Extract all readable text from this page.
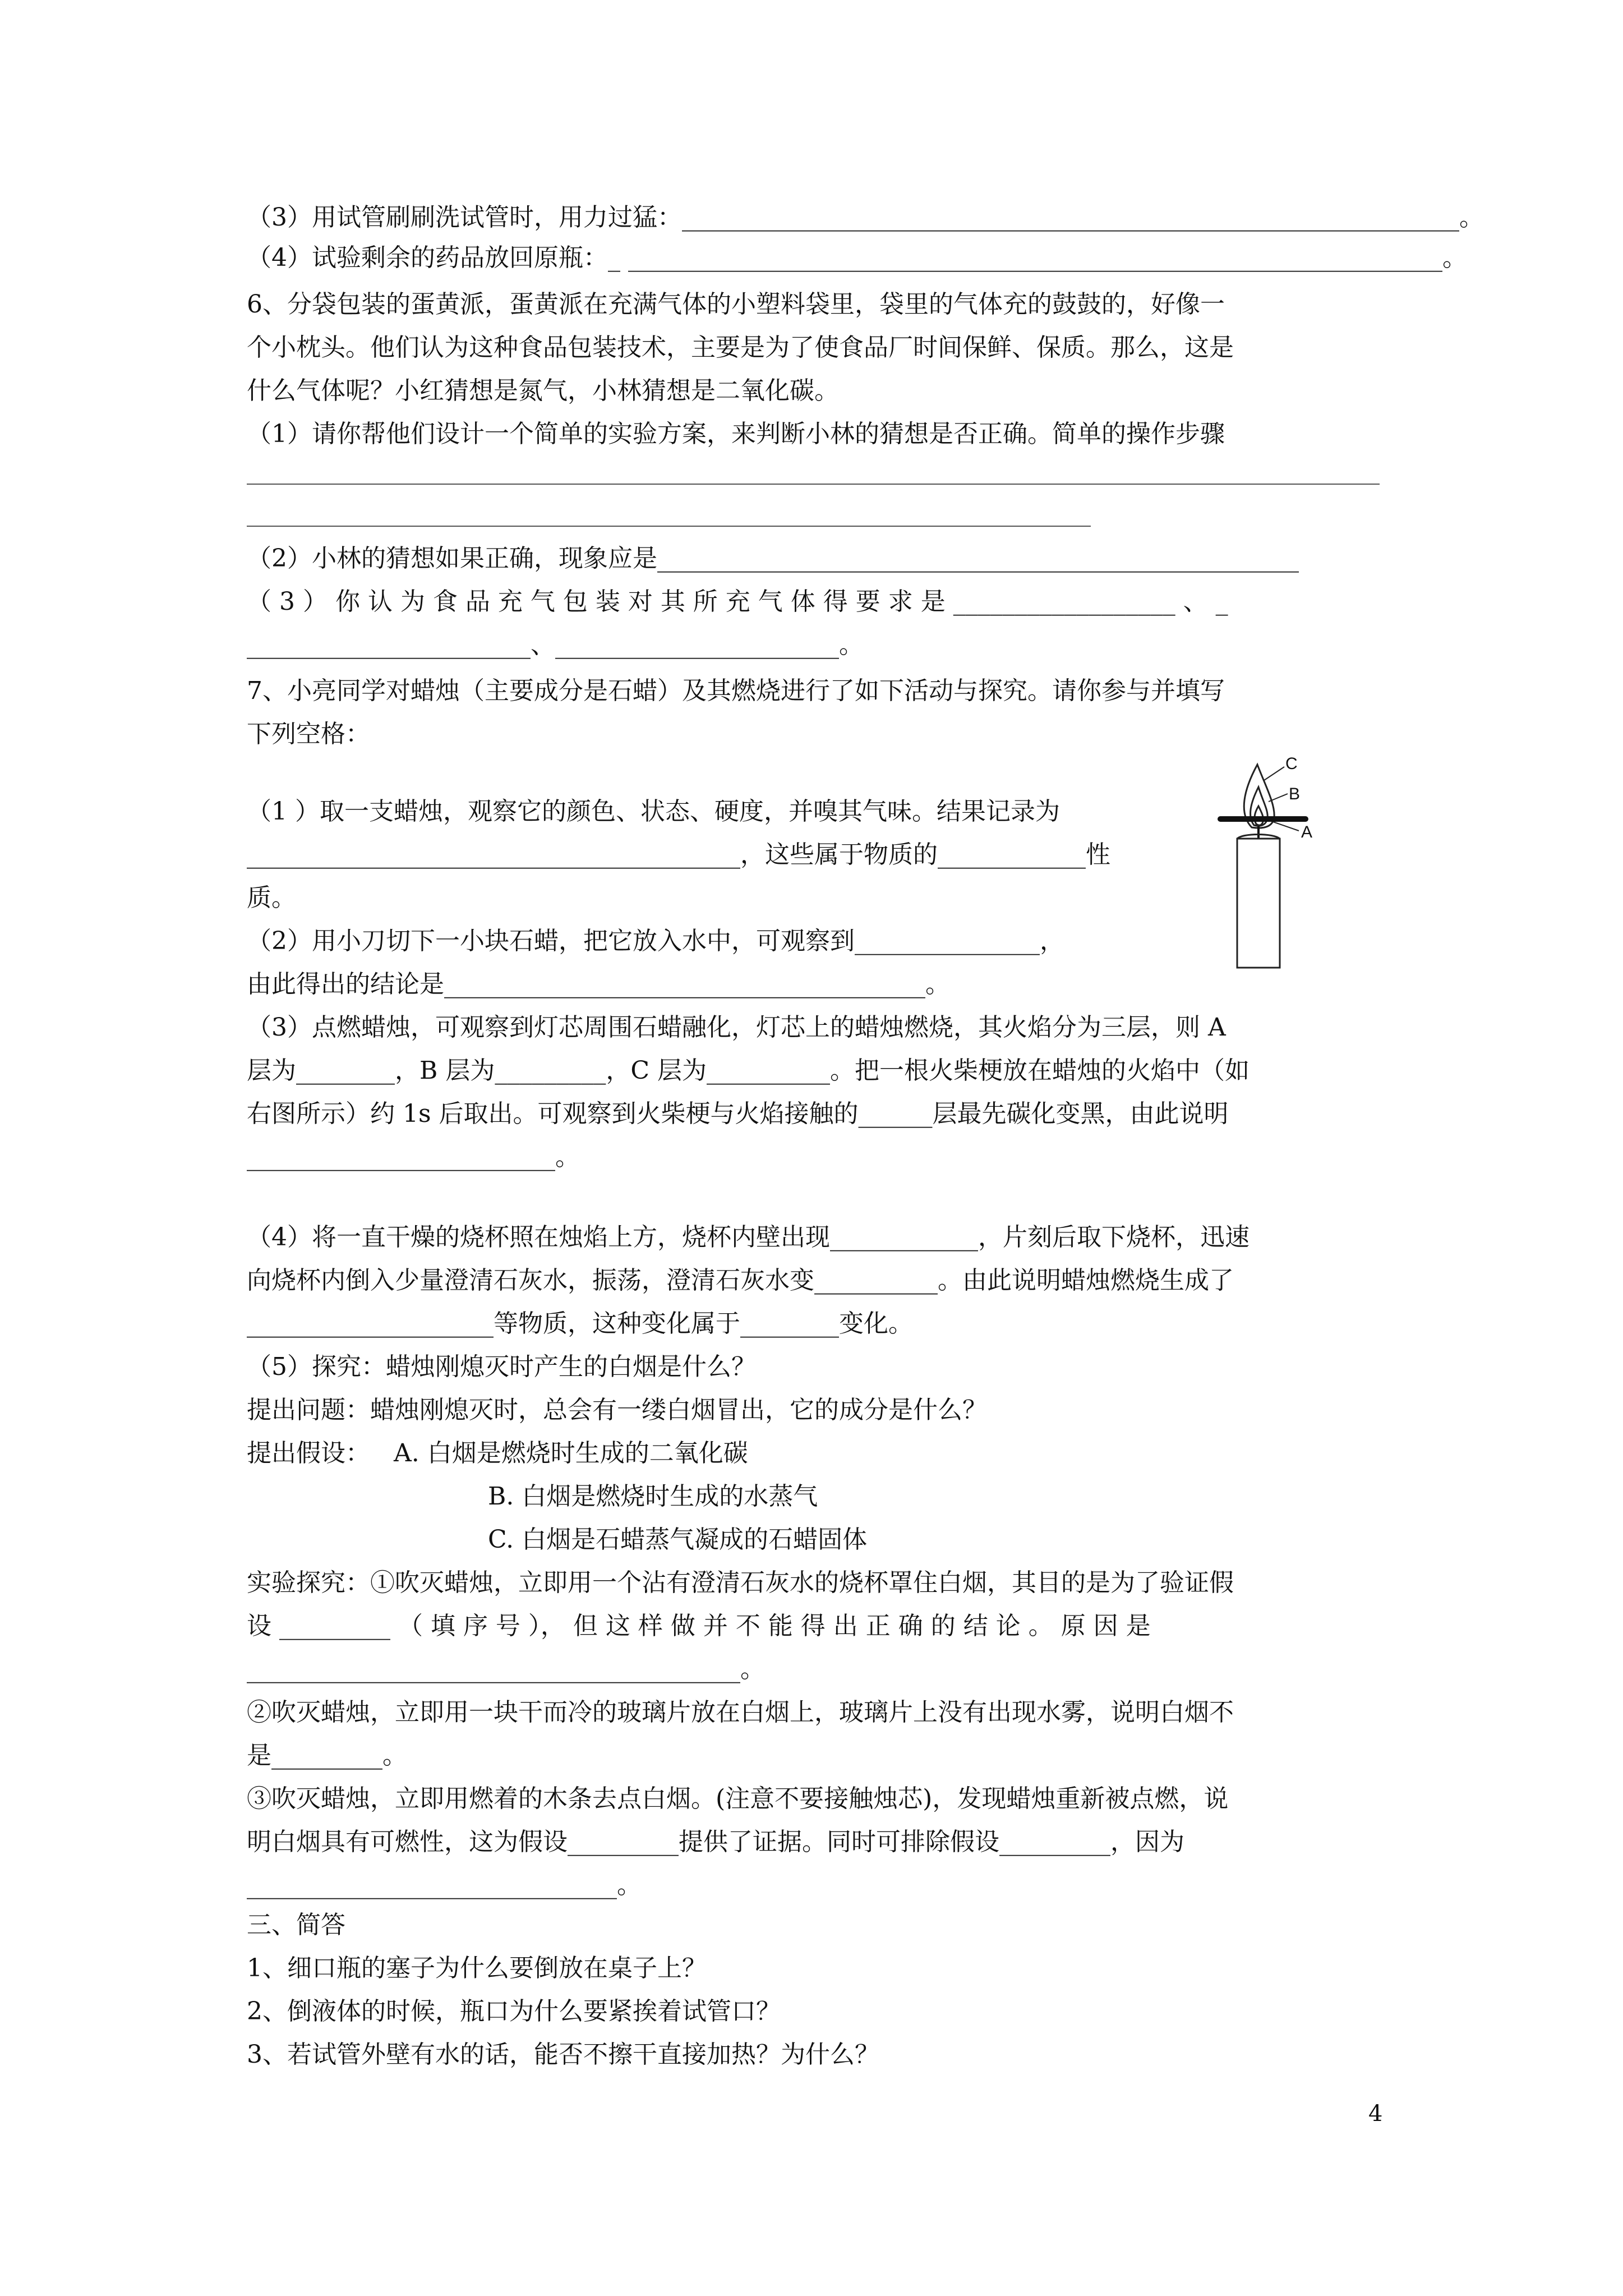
（3）用试管刷刷洗试管时，用力过猛：_______________________________________________________________。
（4）试验剩余的药品放回原瓶：_ __________________________________________________________________。
6、分袋包装的蛋黄派，蛋黄派在充满气体的小塑料袋里，袋里的气体充的鼓鼓的，好像一
个小枕头。他们认为这种食品包装技术，主要是为了使食品厂时间保鲜、保质。那么，这是
什么气体呢？小红猜想是氮气，小林猜想是二氧化碳。
（1）请你帮他们设计一个简单的实验方案，来判断小林的猜想是否正确。简单的操作步骤
（2）小林的猜想如果正确，现象应是____________________________________________________
（ 3 ） 你 认 为 食 品 充 气 包 装 对 其 所 充 气 体 得 要 求 是 __________________ 、 _
_______________________、_______________________。
7、小亮同学对蜡烛（主要成分是石蜡）及其燃烧进行了如下活动与探究。请你参与并填写
下列空格：
（1 ）取一支蜡烛，观察它的颜色、状态、硬度，并嗅其气味。结果记录为
________________________________________，这些属于物质的____________性
质。
（2）用小刀切下一小块石蜡，把它放入水中，可观察到_______________，
由此得出的结论是_______________________________________。
（3）点燃蜡烛，可观察到灯芯周围石蜡融化，灯芯上的蜡烛燃烧，其火焰分为三层，则 A
层为________，B 层为_________，C 层为__________。把一根火柴梗放在蜡烛的火焰中（如
右图所示）约 1s 后取出。可观察到火柴梗与火焰接触的______层最先碳化变黑，由此说明
_________________________。
（4）将一直干燥的烧杯照在烛焰上方，烧杯内壁出现____________，片刻后取下烧杯，迅速
向烧杯内倒入少量澄清石灰水，振荡，澄清石灰水变__________。由此说明蜡烛燃烧生成了
____________________等物质，这种变化属于________变化。
（5）探究：蜡烛刚熄灭时产生的白烟是什么？
提出问题：蜡烛刚熄灭时，总会有一缕白烟冒出，它的成分是什么？
提出假设：   A. 白烟是燃烧时生成的二氧化碳
B. 白烟是燃烧时生成的水蒸气
C. 白烟是石蜡蒸气凝成的石蜡固体
实验探究：①吹灭蜡烛，立即用一个沾有澄清石灰水的烧杯罩住白烟，其目的是为了验证假
设 _________ （ 填 序 号 ）， 但 这 样 做 并 不 能 得 出 正 确 的 结 论 。 原 因 是
________________________________________。
②吹灭蜡烛，立即用一块干而冷的玻璃片放在白烟上，玻璃片上没有出现水雾，说明白烟不
是_________。
③吹灭蜡烛，立即用燃着的木条去点白烟。(注意不要接触烛芯)，发现蜡烛重新被点燃，说
明白烟具有可燃性，这为假设_________提供了证据。同时可排除假设_________，因为
______________________________。
三、简答
1、细口瓶的塞子为什么要倒放在桌子上？
2、倒液体的时候，瓶口为什么要紧挨着试管口？
3、若试管外壁有水的话，能否不擦干直接加热？为什么？
C
B
A
4
